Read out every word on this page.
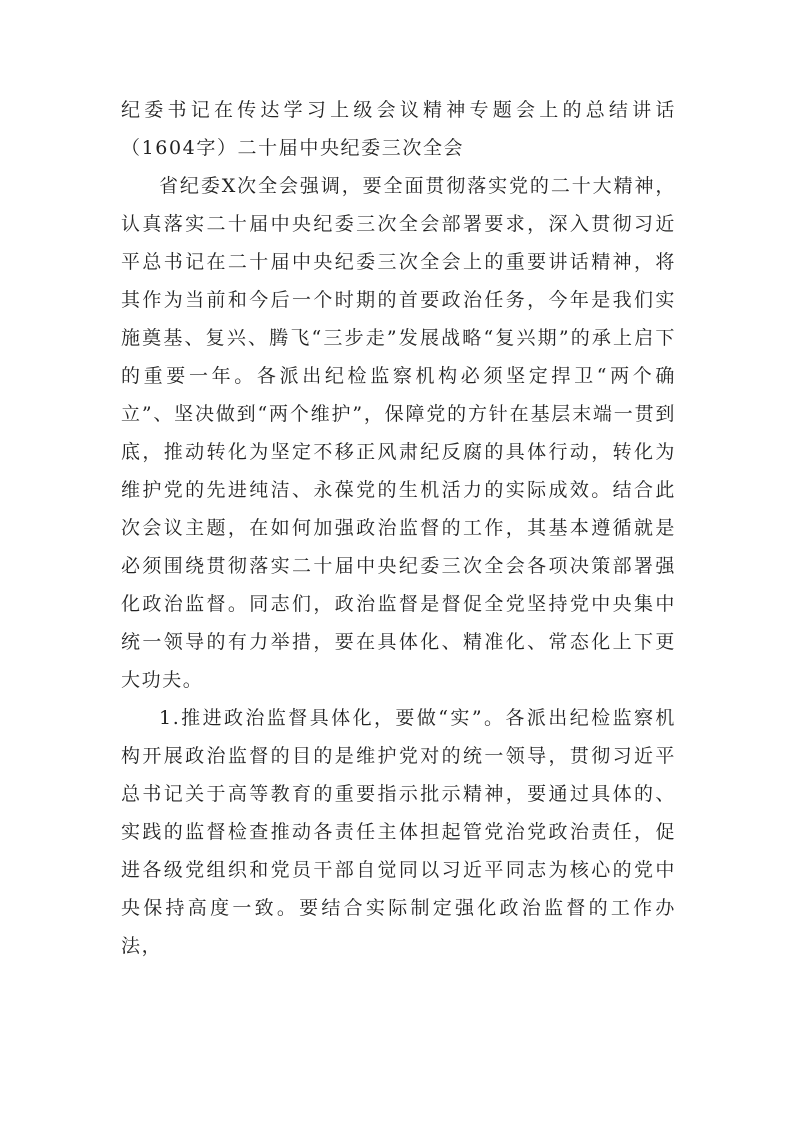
纪委书记在传达学习上级会议精神专题会上的总结讲话（1604字）二十届中央纪委三次全会

省纪委X次全会强调，要全面贯彻落实党的二十大精神，认真落实二十届中央纪委三次全会部署要求，深入贯彻习近平总书记在二十届中央纪委三次全会上的重要讲话精神，将其作为当前和今后一个时期的首要政治任务，今年是我们实施奠基、复兴、腾飞“三步走”发展战略“复兴期”的承上启下的重要一年。各派出纪检监察机构必须坚定捍卫“两个确立”、坚决做到“两个维护”，保障党的方针在基层末端一贯到底，推动转化为坚定不移正风肃纪反腐的具体行动，转化为维护党的先进纯洁、永葆党的生机活力的实际成效。结合此次会议主题，在如何加强政治监督的工作，其基本遵循就是必须围绕贯彻落实二十届中央纪委三次全会各项决策部署强化政治监督。同志们，政治监督是督促全党坚持党中央集中统一领导的有力举措，要在具体化、精准化、常态化上下更大功夫。

1.推进政治监督具体化，要做“实”。各派出纪检监察机构开展政治监督的目的是维护党对的统一领导，贯彻习近平总书记关于高等教育的重要指示批示精神，要通过具体的、实践的监督检查推动各责任主体担起管党治党政治责任，促进各级党组织和党员干部自觉同以习近平同志为核心的党中央保持高度一致。要结合实际制定强化政治监督的工作办法，
